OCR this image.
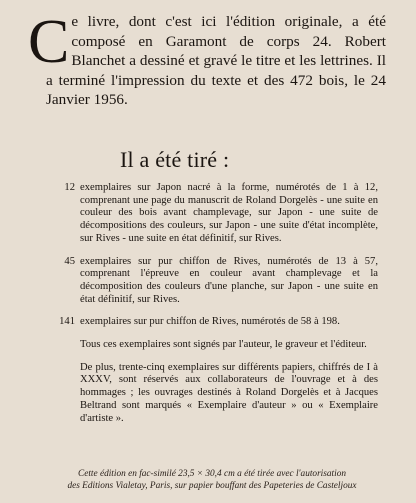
C e livre, dont c'est ici l'édition originale, a été composé en Garamont de corps 24. Robert Blanchet a dessiné et gravé le titre et les lettrines. Il a terminé l'impression du texte et des 472 bois, le 24 Janvier 1956.

Il a été tiré :
12 exemplaires sur Japon nacré à la forme, numérotés de 1 à 12, comprenant une page du manuscrit de Roland Dorgelès - une suite en couleur des bois avant champlevage, sur Japon - une suite de décompositions des couleurs, sur Japon - une suite d'état incomplète, sur Rives - une suite en état définitif, sur Rives.
45 exemplaires sur pur chiffon de Rives, numérotés de 13 à 57, comprenant l'épreuve en couleur avant champlevage et la décomposition des couleurs d'une planche, sur Japon - une suite en état définitif, sur Rives.
141 exemplaires sur pur chiffon de Rives, numérotés de 58 à 198.
Tous ces exemplaires sont signés par l'auteur, le graveur et l'éditeur.
De plus, trente-cinq exemplaires sur différents papiers, chiffrés de I à XXXV, sont réservés aux collaborateurs de l'ouvrage et à des hommages ; les ouvrages destinés à Roland Dorgelès et à Jacques Beltrand sont marqués « Exemplaire d'auteur » ou « Exemplaire d'artiste ».
Cette édition en fac-similé 23,5 × 30,4 cm a été tirée avec l'autorisation
des Editions Vialetay, Paris, sur papier bouffant des Papeteries de Casteljoux
